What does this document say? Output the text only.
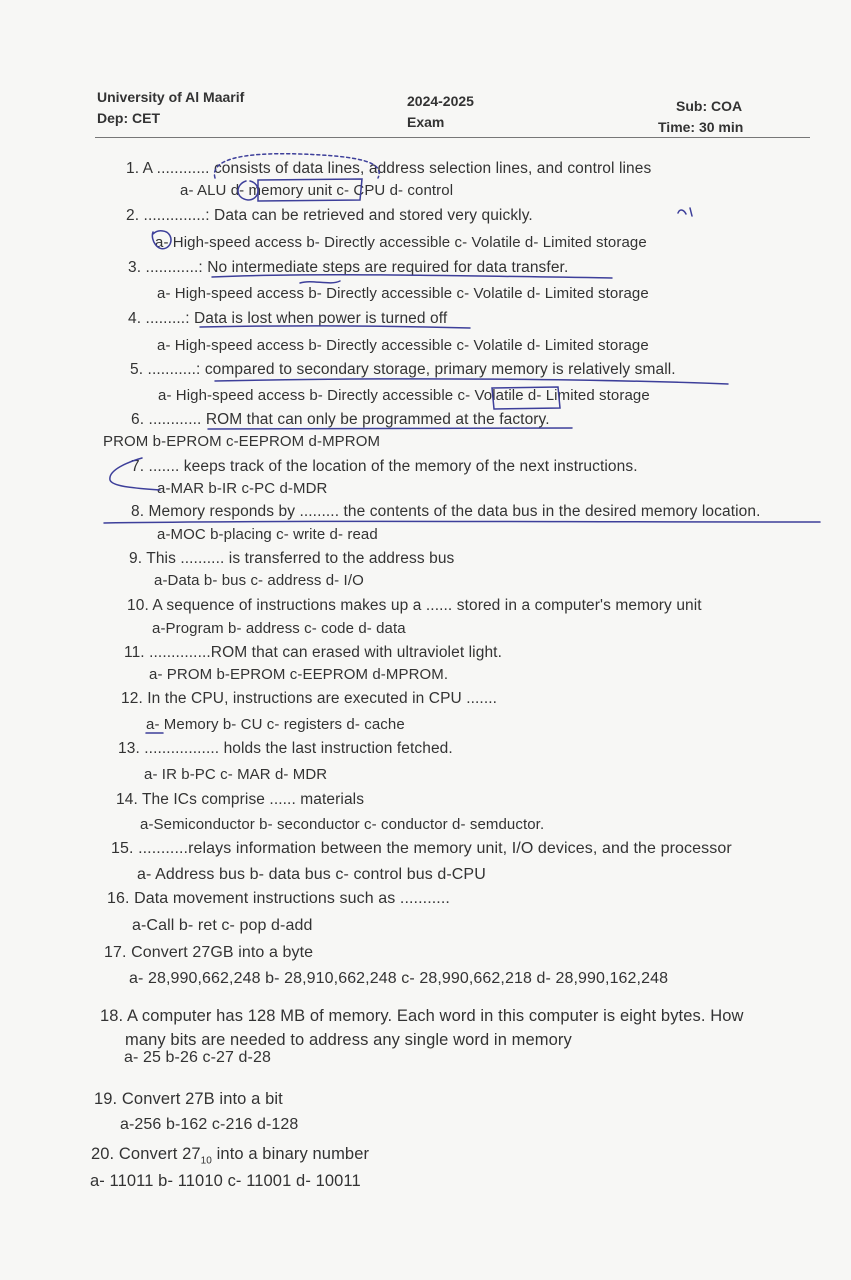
University of Al Maarif
Dep: CET
2024-2025
Exam
Sub: COA
Time: 30 min
1. A ............ consists of data lines, address selection lines, and control lines
a- ALU d- memory unit c- CPU d- control
2. ..............: Data can be retrieved and stored very quickly.
a- High-speed access b- Directly accessible c- Volatile d- Limited storage
3. ............: No intermediate steps are required for data transfer.
a- High-speed access b- Directly accessible c- Volatile d- Limited storage
4. .........: Data is lost when power is turned off
a- High-speed access b- Directly accessible c- Volatile d- Limited storage
5. ...........: compared to secondary storage, primary memory is relatively small.
a- High-speed access b- Directly accessible c- Volatile d- Limited storage
6. ............ ROM that can only be programmed at the factory.
PROM b-EPROM c-EEPROM d-MPROM
7. ....... keeps track of the location of the memory of the next instructions.
a-MAR b-IR c-PC d-MDR
8. Memory responds by ......... the contents of the data bus in the desired memory location.
a-MOC b-placing c- write d- read
9. This .......... is transferred to the address bus
a-Data b- bus c- address d- I/O
10. A sequence of instructions makes up a ...... stored in a computer's memory unit
a-Program b- address c- code d- data
11. ..............ROM that can erased with ultraviolet light.
a- PROM b-EPROM c-EEPROM d-MPROM.
12. In the CPU, instructions are executed in CPU .......
a- Memory b- CU c- registers d- cache
13. ................. holds the last instruction fetched.
a- IR b-PC c- MAR d- MDR
14. The ICs comprise ...... materials
a-Semiconductor b- seconductor c- conductor d- semductor.
15. ...........relays information between the memory unit, I/O devices, and the processor
a- Address bus b- data bus c- control bus d-CPU
16. Data movement instructions such as ...........
a-Call b- ret c- pop d-add
17. Convert 27GB into a byte
a- 28,990,662,248 b- 28,910,662,248 c- 28,990,662,218 d- 28,990,162,248
18. A computer has 128 MB of memory. Each word in this computer is eight bytes. How
many bits are needed to address any single word in memory
a- 25 b-26 c-27 d-28
19. Convert 27B into a bit
a-256 b-162 c-216 d-128
20. Convert $27_{10}$ into a binary number
a- 11011 b- 11010 c- 11001 d- 10011
